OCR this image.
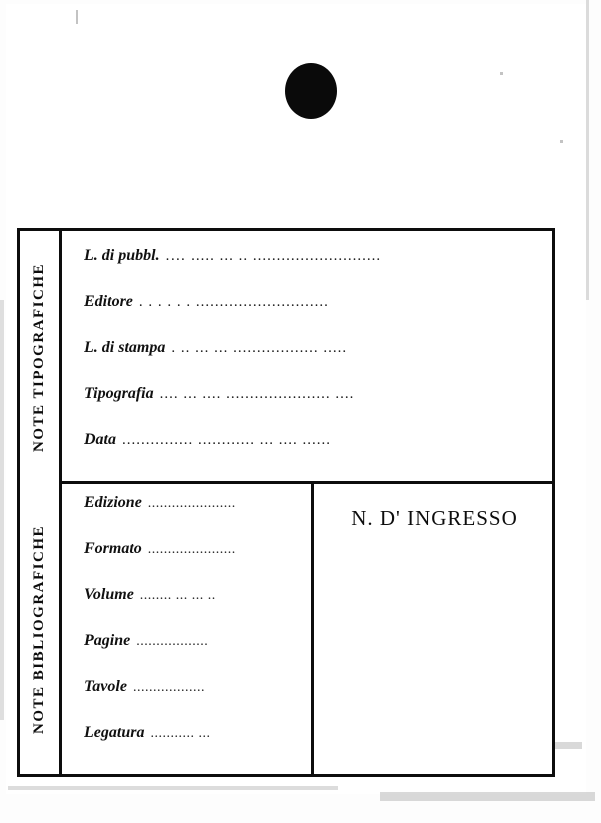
NOTE TIPOGRAFICHE
L. di pubbl. .… ..... ... .. ...........................
Editore . . . . . . ............................
L. di stampa . .. ... ... .................. .....
Tipografia .... ... .... ...................... ....
Data ............... ............ ... .... ......
NOTE BIBLIOGRAFICHE
Edizione ......................
Formato ......................
Volume ........ ... ... ..
Pagine ..................
Tavole ..................
Legatura ........... ...
N. D' INGRESSO
